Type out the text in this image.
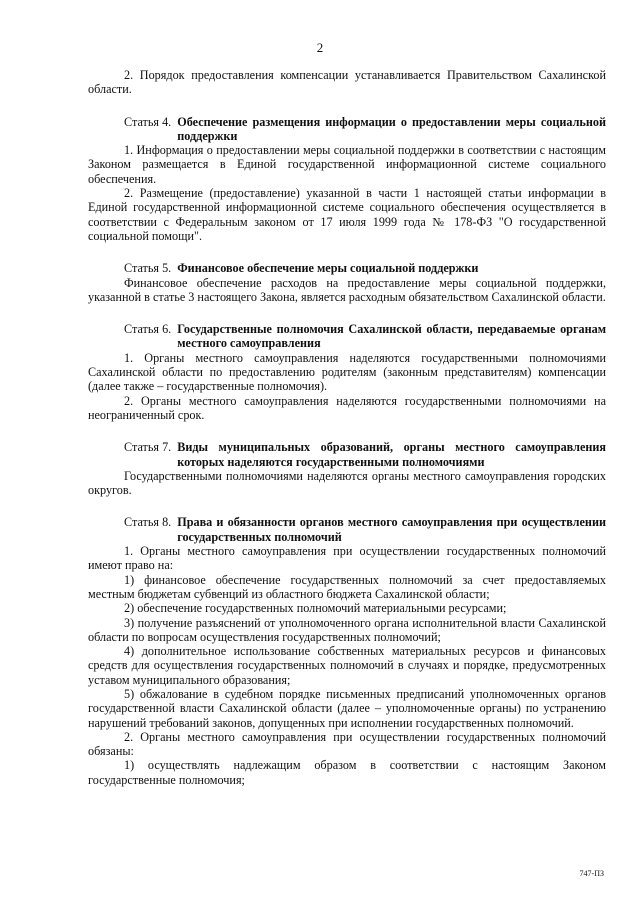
2

2. Порядок предоставления компенсации устанавливается Правительством Сахалинской области.

Статья 4. Обеспечение размещения информации о предоставлении меры социальной поддержки

1. Информация о предоставлении меры социальной поддержки в соответствии с настоящим Законом размещается в Единой государственной информационной системе социального обеспечения.

2. Размещение (предоставление) указанной в части 1 настоящей статьи информации в Единой государственной информационной системе социального обеспечения осуществляется в соответствии с Федеральным законом от 17 июля 1999 года № 178-ФЗ "О государственной социальной помощи".

Статья 5. Финансовое обеспечение меры социальной поддержки

Финансовое обеспечение расходов на предоставление меры социальной поддержки, указанной в статье 3 настоящего Закона, является расходным обязательством Сахалинской области.

Статья 6. Государственные полномочия Сахалинской области, передаваемые органам местного самоуправления

1. Органы местного самоуправления наделяются государственными полномочиями Сахалинской области по предоставлению родителям (законным представителям) компенсации (далее также – государственные полномочия).

2. Органы местного самоуправления наделяются государственными полномочиями на неограниченный срок.

Статья 7. Виды муниципальных образований, органы местного самоуправления которых наделяются государственными полномочиями

Государственными полномочиями наделяются органы местного самоуправления городских округов.

Статья 8. Права и обязанности органов местного самоуправления при осуществлении государственных полномочий

1. Органы местного самоуправления при осуществлении государственных полномочий имеют право на:

1) финансовое обеспечение государственных полномочий за счет предоставляемых местным бюджетам субвенций из областного бюджета Сахалинской области;

2) обеспечение государственных полномочий материальными ресурсами;

3) получение разъяснений от уполномоченного органа исполнительной власти Сахалинской области по вопросам осуществления государственных полномочий;

4) дополнительное использование собственных материальных ресурсов и финансовых средств для осуществления государственных полномочий в случаях и порядке, предусмотренных уставом муниципального образования;

5) обжалование в судебном порядке письменных предписаний уполномоченных органов государственной власти Сахалинской области (далее – уполномоченные органы) по устранению нарушений требований законов, допущенных при исполнении государственных полномочий.

2. Органы местного самоуправления при осуществлении государственных полномочий обязаны:

1) осуществлять надлежащим образом в соответствии с настоящим Законом государственные полномочия;

747-ПЗ
